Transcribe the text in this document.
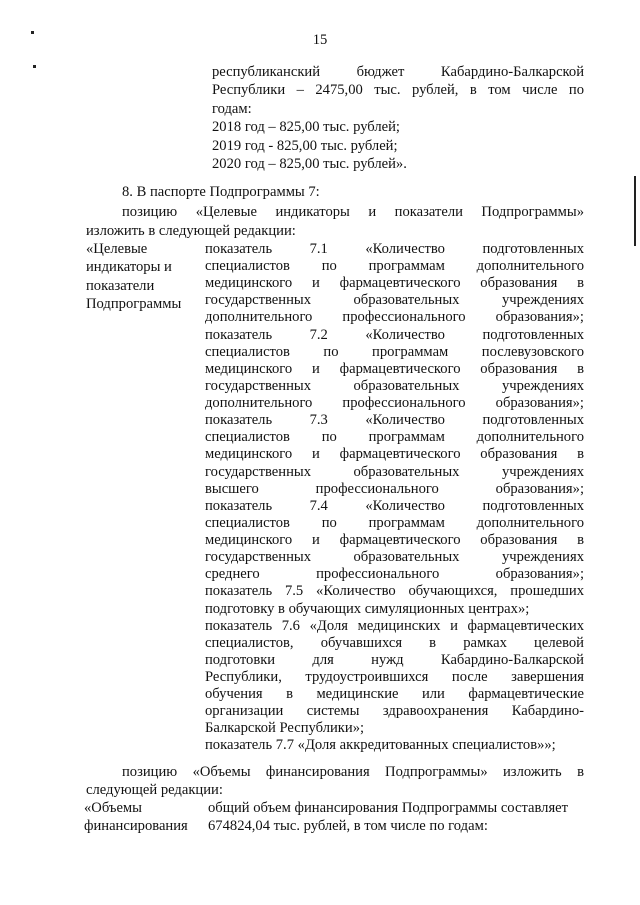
15
республиканский бюджет Кабардино-Балкарской
Республики – 2475,00 тыс. рублей, в том числе по
годам:
2018 год – 825,00 тыс. рублей;
2019 год - 825,00 тыс. рублей;
2020 год – 825,00 тыс. рублей».
8. В паспорте Подпрограммы 7:
позицию «Целевые индикаторы и показатели Подпрограммы»
изложить в следующей редакции:
«Целевые
индикаторы и
показатели
Подпрограммы
показатель 7.1 «Количество подготовленных
специалистов по программам дополнительного
медицинского и фармацевтического образования в
государственных образовательных учреждениях
дополнительного профессионального образования»;
показатель 7.2 «Количество подготовленных
специалистов по программам послевузовского
медицинского и фармацевтического образования в
государственных образовательных учреждениях
дополнительного профессионального образования»;
показатель 7.3 «Количество подготовленных
специалистов по программам дополнительного
медицинского и фармацевтического образования в
государственных образовательных учреждениях
высшего профессионального образования»;
показатель 7.4 «Количество подготовленных
специалистов по программам дополнительного
медицинского и фармацевтического образования в
государственных образовательных учреждениях
среднего профессионального образования»;
показатель 7.5 «Количество обучающихся, прошедших
подготовку в обучающих симуляционных центрах»;
показатель 7.6 «Доля медицинских и фармацевтических
специалистов, обучавшихся в рамках целевой
подготовки для нужд Кабардино-Балкарской
Республики, трудоустроившихся после завершения
обучения в медицинские или фармацевтические
организации системы здравоохранения Кабардино-
Балкарской Республики»;
показатель 7.7 «Доля аккредитованных специалистов»»;
позицию «Объемы финансирования Подпрограммы» изложить в
следующей редакции:
«Объемы
финансирования
общий объем финансирования Подпрограммы составляет
674824,04 тыс. рублей, в том числе по годам:
